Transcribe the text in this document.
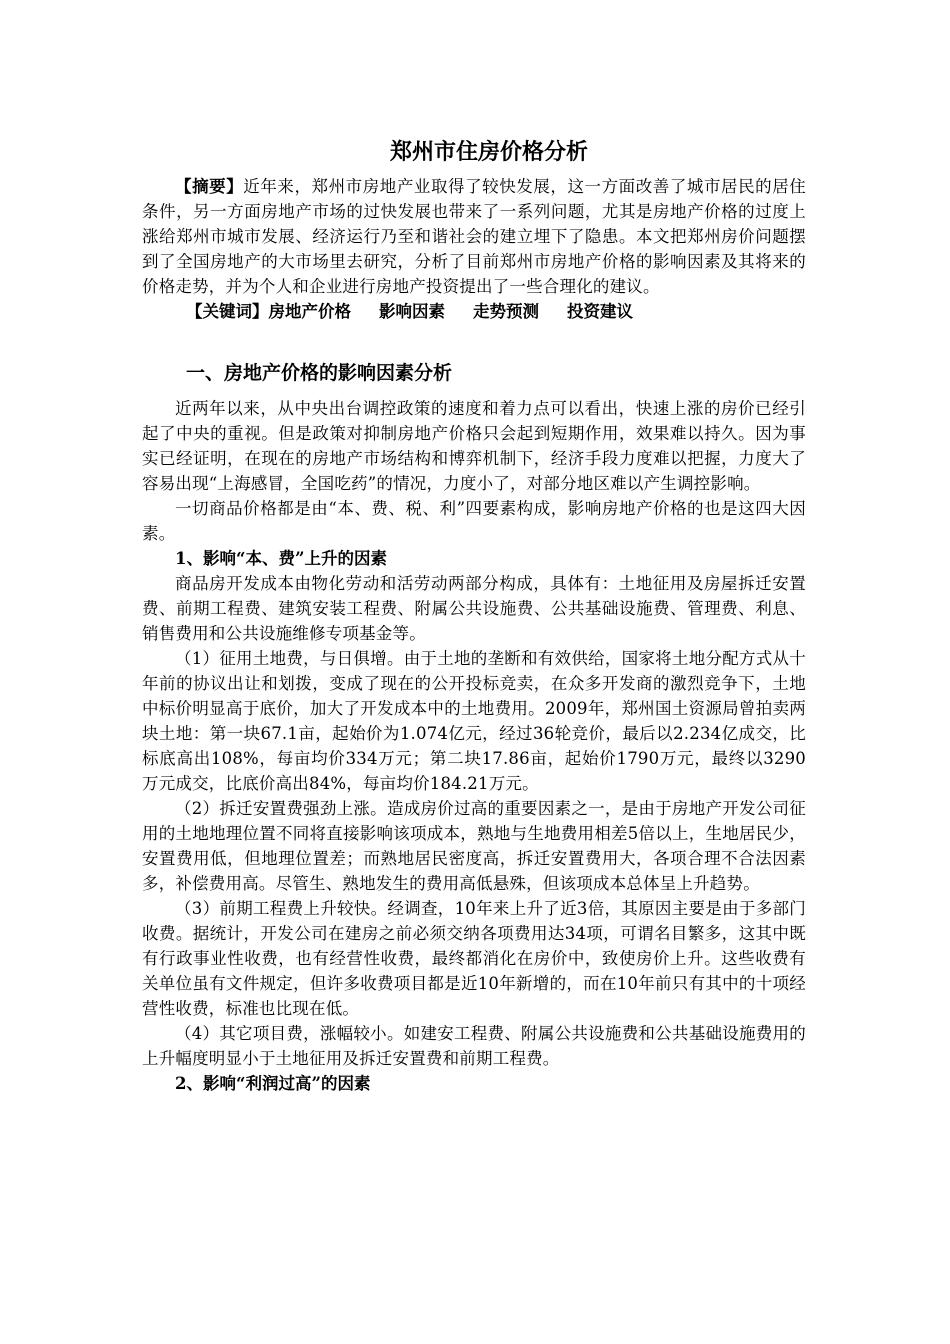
郑州市住房价格分析

【摘要】近年来，郑州市房地产业取得了较快发展，这一方面改善了城市居民的居住条件，另一方面房地产市场的过快发展也带来了一系列问题，尤其是房地产价格的过度上涨给郑州市城市发展、经济运行乃至和谐社会的建立埋下了隐患。本文把郑州房价问题摆到了全国房地产的大市场里去研究，分析了目前郑州市房地产价格的影响因素及其将来的价格走势，并为个人和企业进行房地产投资提出了一些合理化的建议。

【关键词】房地产价格 影响因素 走势预测 投资建议
一、房地产价格的影响因素分析

近两年以来，从中央出台调控政策的速度和着力点可以看出，快速上涨的房价已经引起了中央的重视。但是政策对抑制房地产价格只会起到短期作用，效果难以持久。因为事实已经证明，在现在的房地产市场结构和博弈机制下，经济手段力度难以把握，力度大了容易出现“上海感冒，全国吃药”的情况，力度小了，对部分地区难以产生调控影响。

一切商品价格都是由“本、费、税、利”四要素构成，影响房地产价格的也是这四大因素。

1、影响“本、费”上升的因素

商品房开发成本由物化劳动和活劳动两部分构成，具体有：土地征用及房屋拆迁安置费、前期工程费、建筑安装工程费、附属公共设施费、公共基础设施费、管理费、利息、销售费用和公共设施维修专项基金等。

（1）征用土地费，与日俱增。由于土地的垄断和有效供给，国家将土地分配方式从十年前的协议出让和划拨，变成了现在的公开投标竞卖，在众多开发商的激烈竞争下，土地中标价明显高于底价，加大了开发成本中的土地费用。2009年，郑州国土资源局曾拍卖两块土地：第一块67.1亩，起始价为1.074亿元，经过36轮竞价，最后以2.234亿成交，比标底高出108%，每亩均价334万元；第二块17.86亩，起始价1790万元，最终以3290万元成交，比底价高出84%，每亩均价184.21万元。

（2）拆迁安置费强劲上涨。造成房价过高的重要因素之一，是由于房地产开发公司征用的土地地理位置不同将直接影响该项成本，熟地与生地费用相差5倍以上，生地居民少，安置费用低，但地理位置差；而熟地居民密度高，拆迁安置费用大，各项合理不合法因素多，补偿费用高。尽管生、熟地发生的费用高低悬殊，但该项成本总体呈上升趋势。

（3）前期工程费上升较快。经调查，10年来上升了近3倍，其原因主要是由于多部门收费。据统计，开发公司在建房之前必须交纳各项费用达34项，可谓名目繁多，这其中既有行政事业性收费，也有经营性收费，最终都消化在房价中，致使房价上升。这些收费有关单位虽有文件规定，但许多收费项目都是近10年新增的，而在10年前只有其中的十项经营性收费，标准也比现在低。

（4）其它项目费，涨幅较小。如建安工程费、附属公共设施费和公共基础设施费用的上升幅度明显小于土地征用及拆迁安置费和前期工程费。

2、影响“利润过高”的因素
